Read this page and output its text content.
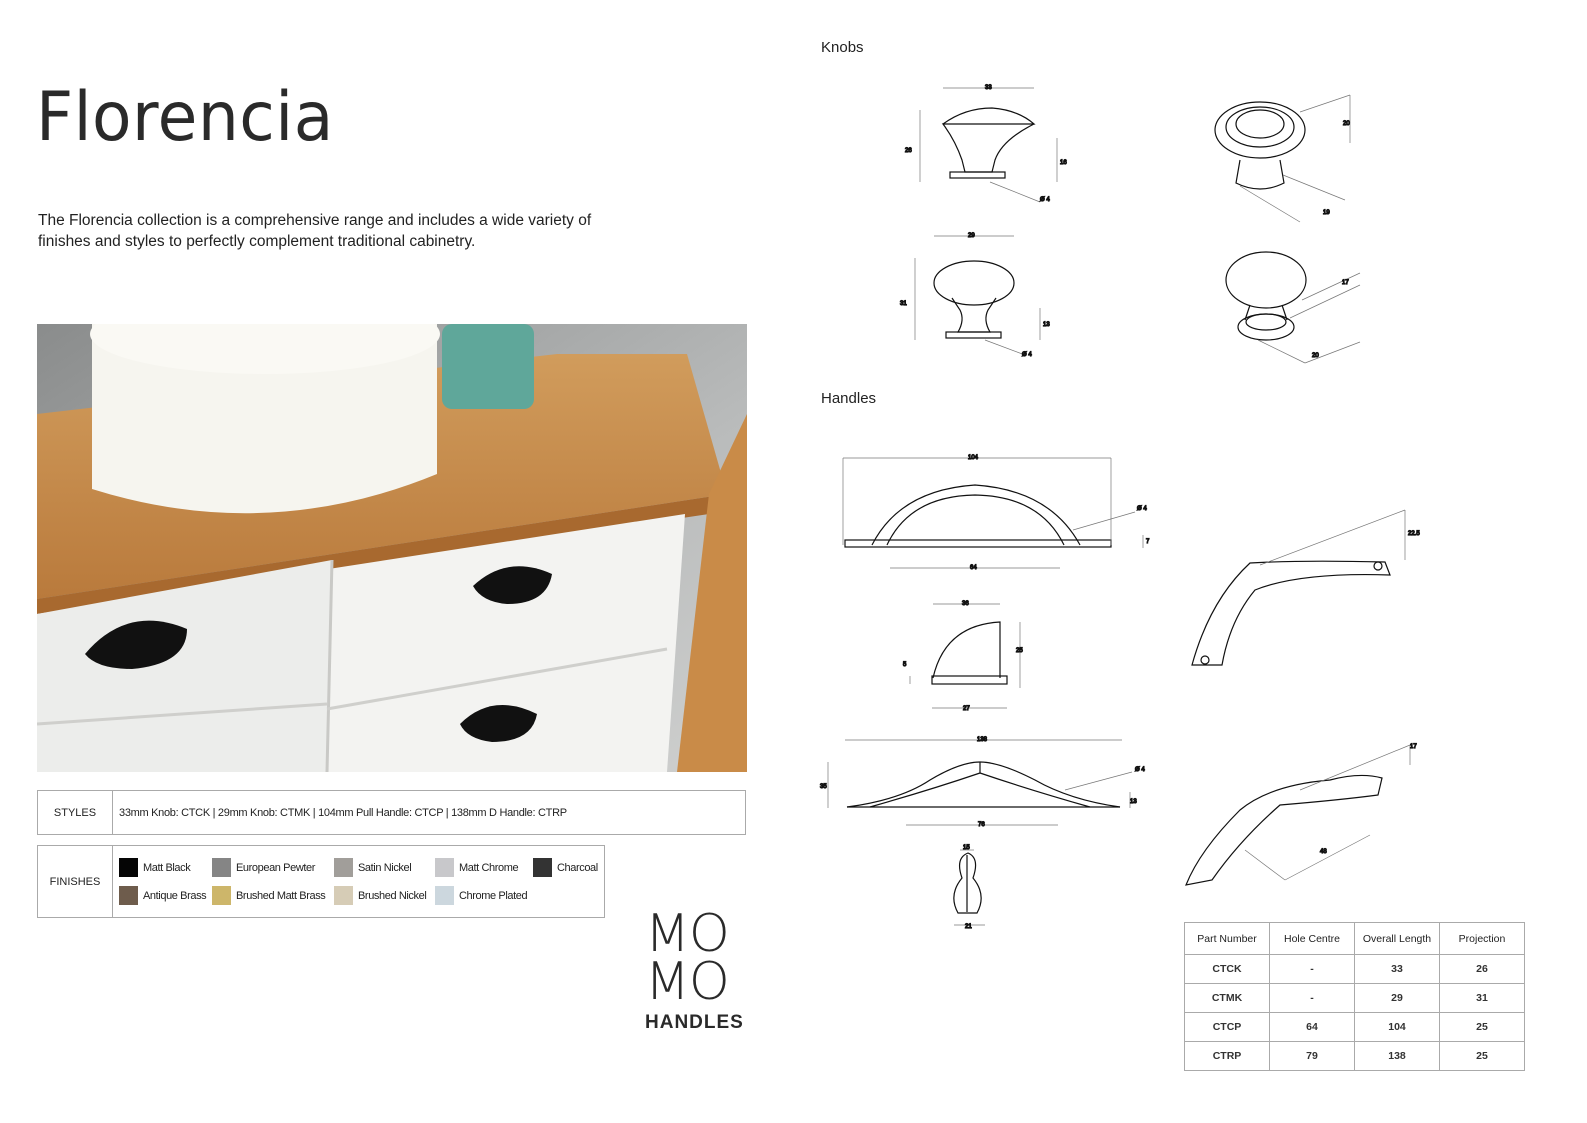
Florencia
The Florencia collection is a comprehensive range and includes a wide variety of finishes and styles to perfectly complement traditional cabinetry.
STYLES	33mm Knob: CTCK | 29mm Knob: CTMK | 104mm Pull Handle: CTCP | 138mm D Handle: CTRP
FINISHES
Matt Black	European Pewter	Satin Nickel	Matt Chrome	Charcoal
Antique Brass	Brushed Matt Brass	Brushed Nickel	Chrome Plated
MO
MO
HANDLES
Knobs
Handles
33
26
16
Ø 4
20
19
29
31
13
Ø 4
17
20
104
64
Ø 4
7
36
25
5
27
22.5
138
35
76
Ø 4
13
15
21
17
48
Part Number	Hole Centre	Overall Length	Projection
CTCK	-	33	26
CTMK	-	29	31
CTCP	64	104	25
CTRP	79	138	25
